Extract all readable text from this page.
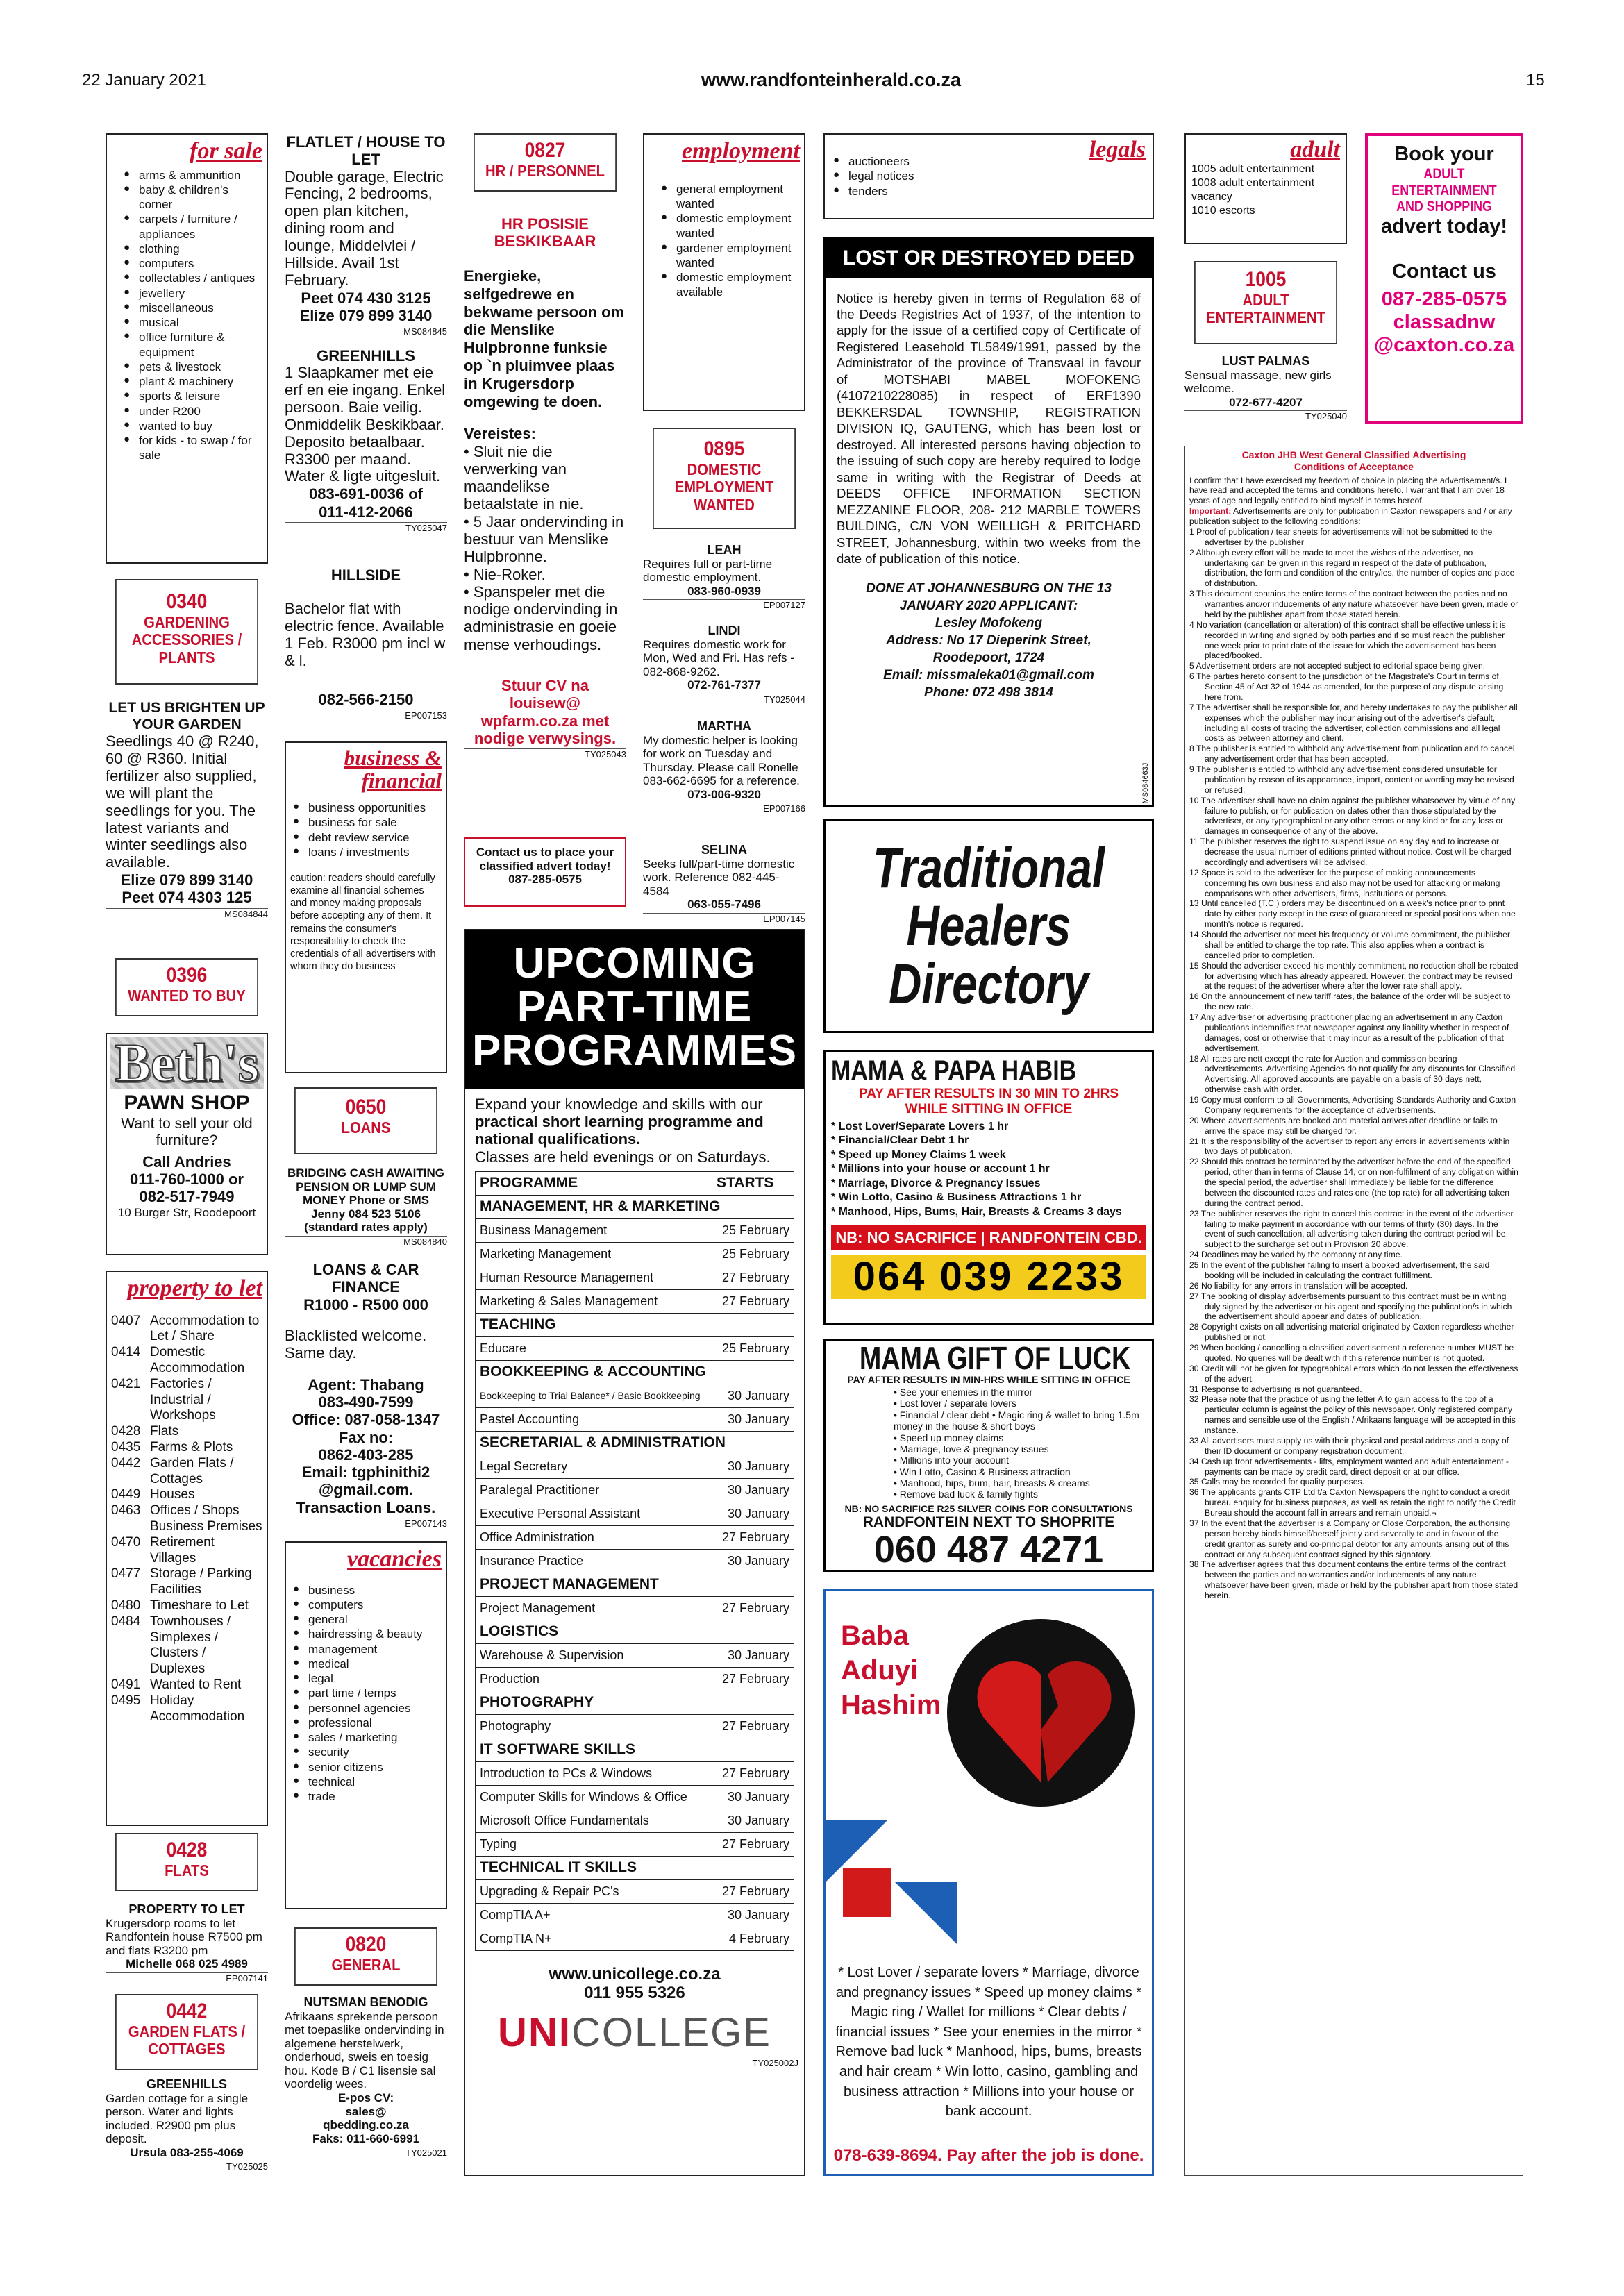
22 January 2021	www.randfonteinherald.co.za	15
for sale
● arms & ammunition
● baby & children's corner
● carpets / furniture / appliances
● clothing
● computers
● collectables / antiques
● jewellery
● miscellaneous
● musical
● office furniture & equipment
● pets & livestock
● plant & machinery
● sports & leisure
● under R200
● wanted to buy
● for kids - to swap / for sale
0340
GARDENING ACCESSORIES / PLANTS
LET US BRIGHTEN UP YOUR GARDEN
Seedlings 40 @ R240, 60 @ R360. Initial fertilizer also supplied, we will plant the seedlings for you. The latest variants and winter seedlings also available.
Elize 079 899 3140
Peet 074 4303 125
MS084844
0396
WANTED TO BUY
Beth's
PAWN SHOP
Want to sell your old furniture?
Call Andries
011-760-1000 or
082-517-7949
10 Burger Str, Roodepoort
property to let
0407 Accommodation to Let / Share
0414 Domestic Accommodation
0421 Factories / Industrial / Workshops
0428 Flats
0435 Farms & Plots
0442 Garden Flats / Cottages
0449 Houses
0463 Offices / Shops Business Premises
0470 Retirement Villages
0477 Storage / Parking Facilities
0480 Timeshare to Let
0484 Townhouses / Simplexes / Clusters / Duplexes
0491 Wanted to Rent
0495 Holiday Accommodation
0428
FLATS
PROPERTY TO LET
Krugersdorp rooms to let Randfontein house R7500 pm and flats R3200 pm
Michelle 068 025 4989
EP007141
0442
GARDEN FLATS / COTTAGES
GREENHILLS
Garden cottage for a single person. Water and lights included. R2900 pm plus deposit.
Ursula 083-255-4069
TY025025
FLATLET / HOUSE TO LET
Double garage, Electric Fencing, 2 bedrooms, open plan kitchen, dining room and lounge, Middelvlei / Hillside. Avail 1st February.
Peet 074 430 3125
Elize 079 899 3140
MS084845
GREENHILLS
1 Slaapkamer met eie erf en eie ingang. Enkel persoon. Baie veilig. Onmiddelik Beskikbaar. Deposito betaalbaar. R3300 per maand. Water & ligte uitgesluit.
083-691-0036 of
011-412-2066
TY025047
HILLSIDE
Bachelor flat with electric fence. Available 1 Feb. R3000 pm incl w & l.
082-566-2150
EP007153
business & financial
● business opportunities
● business for sale
● debt review service
● loans / investments
caution: readers should carefully examine all financial schemes and money making proposals before accepting any of them. It remains the consumer's responsibility to check the credentials of all advertisers with whom they do business
0650
LOANS
BRIDGING CASH AWAITING PENSION OR LUMP SUM MONEY Phone or SMS Jenny 084 523 5106 (standard rates apply)
MS084840
LOANS & CAR FINANCE
R1000 - R500 000
Blacklisted welcome. Same day.
Agent: Thabang
083-490-7599
Office: 087-058-1347
Fax no:
0862-403-285
Email: tgphinithi2
@gmail.com.
Transaction Loans.
EP007143
vacancies
● business
● computers
● general
● hairdressing & beauty
● management
● medical
● legal
● part time / temps
● personnel agencies
● professional
● sales / marketing
● security
● senior citizens
● technical
● trade
0820
GENERAL
NUTSMAN BENODIG
Afrikaans sprekende persoon met toepaslike ondervinding in algemene herstelwerk, onderhoud, sweis en toesig hou. Kode B / C1 lisensie sal voordelig wees.
E-pos CV:
sales@
qbedding.co.za
Faks: 011-660-6991
TY025021
0827
HR / PERSONNEL
HR POSISIE BESKIKBAAR
Energieke, selfgedrewe en bekwame persoon om die Menslike Hulpbronne funksie op `n pluimvee plaas in Krugersdorp omgewing te doen.
Vereistes:
• Sluit nie die verwerking van maandelikse betaalstate in nie.
• 5 Jaar ondervinding in bestuur van Menslike Hulpbronne.
• Nie-Roker.
• Spanspeler met die nodige ondervinding in administrasie en goeie mense verhoudings.
Stuur CV na louisew@ wpfarm.co.za met nodige verwysings.
TY025043
Contact us to place your classified advert today! 087-285-0575
UPCOMING PART-TIME PROGRAMMES
Expand your knowledge and skills with our
practical short learning programme and national qualifications.
Classes are held evenings or on Saturdays.
PROGRAMME	STARTS
MANAGEMENT, HR & MARKETING	
Business Management	25 February
Marketing Management	25 February
Human Resource Management	27 February
Marketing & Sales Management	27 February
TEACHING	
Educare	25 February
BOOKKEEPING & ACCOUNTING	
Bookkeeping to Trial Balance* / Basic Bookkeeping	30 January
Pastel Accounting	30 January
SECRETARIAL & ADMINISTRATION	
Legal Secretary	30 January
Paralegal Practitioner	30 January
Executive Personal Assistant	30 January
Office Administration	27 February
Insurance Practice	30 January
PROJECT MANAGEMENT	
Project Management	27 February
LOGISTICS	
Warehouse & Supervision	30 January
Production	27 February
PHOTOGRAPHY	
Photography	27 February
IT SOFTWARE SKILLS	
Introduction to PCs & Windows	27 February
Computer Skills for Windows & Office	30 January
Microsoft Office Fundamentals	30 January
Typing	27 February
TECHNICAL IT SKILLS	
Upgrading & Repair PC's	27 February
CompTIA A+	30 January
CompTIA N+	4 February
www.unicollege.co.za
011 955 5326
UNICOLLEGE
TY025002J
employment
● general employment wanted
● domestic employment wanted
● gardener employment wanted
● domestic employment available
0895
DOMESTIC EMPLOYMENT WANTED
LEAH
Requires full or part-time domestic employment.
083-960-0939
EP007127
LINDI
Requires domestic work for Mon, Wed and Fri. Has refs - 082-868-9262.
072-761-7377
TY025044
MARTHA
My domestic helper is looking for work on Tuesday and Thursday. Please call Ronelle 083-662-6695 for a reference.
073-006-9320
EP007166
SELINA
Seeks full/part-time domestic work. Reference 082-445- 4584
063-055-7496
EP007145
legals
● auctioneers
● legal notices
● tenders
LOST OR DESTROYED DEED
Notice is hereby given in terms of Regulation 68 of the Deeds Registries Act of 1937, of the intention to apply for the issue of a certified copy of Certificate of Registered Leasehold TL5849/1991, passed by the Administrator of the province of Transvaal in favour of MOTSHABI MABEL MOFOKENG (4107210228085) in respect of ERF1390 BEKKERSDAL TOWNSHIP, REGISTRATION DIVISION IQ, GAUTENG, which has been lost or destroyed. All interested persons having objection to the issuing of such copy are hereby required to lodge same in writing with the Registrar of Deeds at DEEDS OFFICE INFORMATION SECTION MEZZANINE FLOOR, 208- 212 MARBLE TOWERS BUILDING, C/N VON WEILLIGH & PRITCHARD STREET, Johannesburg, within two weeks from the date of publication of this notice.
DONE AT JOHANNESBURG ON THE 13 JANUARY 2020 APPLICANT:
Lesley Mofokeng
Address: No 17 Dieperink Street,
Roodepoort, 1724
Email: missmaleka01@gmail.com
Phone: 072 498 3814
MS084663J
Traditional Healers Directory
MAMA & PAPA HABIB
PAY AFTER RESULTS IN 30 MIN TO 2HRS
WHILE SITTING IN OFFICE
* Lost Lover/Separate Lovers 1 hr
* Financial/Clear Debt 1 hr
* Speed up Money Claims 1 week
* Millions into your house or account 1 hr
* Marriage, Divorce & Pregnancy Issues
* Win Lotto, Casino & Business Attractions 1 hr
* Manhood, Hips, Bums, Hair, Breasts & Creams 3 days
NB: NO SACRIFICE | RANDFONTEIN CBD.
064 039 2233
MAMA GIFT OF LUCK
PAY AFTER RESULTS IN MIN-HRS WHILE SITTING IN OFFICE
• See your enemies in the mirror
• Lost lover / separate lovers
• Financial / clear debt • Magic ring & wallet to bring 1.5m money in the house & short boys
• Speed up money claims
• Marriage, love & pregnancy issues
• Millions into your account
• Win Lotto, Casino & Business attraction
• Manhood, hips, bum, hair, breasts & creams
• Remove bad luck & family fights
NB: NO SACRIFICE R25 SILVER COINS FOR CONSULTATIONS
RANDFONTEIN NEXT TO SHOPRITE
060 487 4271
Baba
Aduyi
Hashim
* Lost Lover / separate lovers * Marriage, divorce and pregnancy issues * Speed up money claims * Magic ring / Wallet for millions * Clear debts / financial issues * See your enemies in the mirror * Remove bad luck * Manhood, hips, bums, breasts and hair cream * Win lotto, casino, gambling and business attraction * Millions into your house or bank account.
078-639-8694. Pay after the job is done.
adult
1005 adult entertainment
1008 adult entertainment vacancy
1010 escorts
1005
ADULT ENTERTAINMENT
LUST PALMAS
Sensual massage, new girls welcome.
072-677-4207
TY025040
Book your
ADULT ENTERTAINMENT AND SHOPPING
advert today!
Contact us
087-285-0575
classadnw
@caxton.co.za
Caxton JHB West General Classified Advertising Conditions of Acceptance

I confirm that I have exercised my freedom of choice in placing the advertisement/s. I have read and accepted the terms and conditions hereto. I warrant that I am over 18 years of age and legally entitled to bind myself in terms hereof.

Important: Advertisements are only for publication in Caxton newspapers and / or any publication subject to the following conditions:

1 Proof of publication / tear sheets for advertisements will not be submitted to the advertiser by the publisher

2 Although every effort will be made to meet the wishes of the advertiser, no undertaking can be given in this regard in respect of the date of publication, distribution, the form and condition of the entry/ies, the number of copies and place of distribution.

3 This document contains the entire terms of the contract between the parties and no warranties and/or inducements of any nature whatsoever have been given, made or held by the publisher apart from those stated herein.

4 No variation (cancellation or alteration) of this contract shall be effective unless it is recorded in writing and signed by both parties and if so must reach the publisher one week prior to print date of the issue for which the advertisement has been placed/booked.

5 Advertisement orders are not accepted subject to editorial space being given.

6 The parties hereto consent to the jurisdiction of the Magistrate's Court in terms of Section 45 of Act 32 of 1944 as amended, for the purpose of any dispute arising here from.

7 The advertiser shall be responsible for, and hereby undertakes to pay the publisher all expenses which the publisher may incur arising out of the advertiser's default, including all costs of tracing the advertiser, collection commissions and all legal costs as between attorney and client.

8 The publisher is entitled to withhold any advertisement from publication and to cancel any advertisement order that has been accepted.

9 The publisher is entitled to withhold any advertisement considered unsuitable for publication by reason of its appearance, import, content or wording may be revised or refused.

10 The advertiser shall have no claim against the publisher whatsoever by virtue of any failure to publish, or for publication on dates other than those stipulated by the advertiser, or any typographical or any other errors or any kind or for any loss or damages in consequence of any of the above.

11 The publisher reserves the right to suspend issue on any day and to increase or decrease the usual number of editions printed without notice. Cost will be charged accordingly and advertisers will be advised.

12 Space is sold to the advertiser for the purpose of making announcements concerning his own business and also may not be used for attacking or making comparisons with other advertisers, firms, institutions or persons.

13 Until cancelled (T.C.) orders may be discontinued on a week's notice prior to print date by either party except in the case of guaranteed or special positions when one month's notice is required.

14 Should the advertiser not meet his frequency or volume commitment, the publisher shall be entitled to charge the top rate. This also applies when a contract is cancelled prior to completion.

15 Should the advertiser exceed his monthly commitment, no reduction shall be rebated for advertising which has already appeared. However, the contract may be revised at the request of the advertiser where after the lower rate shall apply.

16 On the announcement of new tariff rates, the balance of the order will be subject to the new rate.

17 Any advertiser or advertising practitioner placing an advertisement in any Caxton publications indemnifies that newspaper against any liability whether in respect of damages, cost or otherwise that it may incur as a result of the publication of that advertisement.

18 All rates are nett except the rate for Auction and commission bearing advertisements. Advertising Agencies do not qualify for any discounts for Classified Advertising. All approved accounts are payable on a basis of 30 days nett, otherwise cash with order.

19 Copy must conform to all Governments, Advertising Standards Authority and Caxton Company requirements for the acceptance of advertisements.

20 Where advertisements are booked and material arrives after deadline or fails to arrive the space may still be charged for.

21 It is the responsibility of the advertiser to report any errors in advertisements within two days of publication.

22 Should this contract be terminated by the advertiser before the end of the specified period, other than in terms of Clause 14, or on non-fulfilment of any obligation within the special period, the advertiser shall immediately be liable for the difference between the discounted rates and rates one (the top rate) for all advertising taken during the contract period.

23 The publisher reserves the right to cancel this contract in the event of the advertiser failing to make payment in accordance with our terms of thirty (30) days. In the event of such cancellation, all advertising taken during the contract period will be subject to the surcharge set out in Provision 20 above.

24 Deadlines may be varied by the company at any time.

25 In the event of the publisher failing to insert a booked advertisement, the said booking will be included in calculating the contract fulfillment.

26 No liability for any errors in translation will be accepted.

27 The booking of display advertisements pursuant to this contract must be in writing duly signed by the advertiser or his agent and specifying the publication/s in which the advertisement should appear and dates of publication.

28 Copyright exists on all advertising material originated by Caxton regardless whether published or not.

29 When booking / cancelling a classified advertisement a reference number MUST be quoted. No queries will be dealt with if this reference number is not quoted.

30 Credit will not be given for typographical errors which do not lessen the effectiveness of the advert.

31 Response to advertising is not guaranteed.

32 Please note that the practice of using the letter A to gain access to the top of a particular column is against the policy of this newspaper. Only registered company names and sensible use of the English / Afrikaans language will be accepted in this instance.

33 All advertisers must supply us with their physical and postal address and a copy of their ID document or company registration document.

34 Cash up front advertisements - lifts, employment wanted and adult entertainment - payments can be made by credit card, direct deposit or at our office.

35 Calls may be recorded for quality purposes.

36 The applicants grants CTP Ltd t/a Caxton Newspapers the right to conduct a credit bureau enquiry for business purposes, as well as retain the right to notify the Credit Bureau should the account fall in arrears and remain unpaid.¬

37 In the event that the advertiser is a Company or Close Corporation, the authorising person hereby binds himself/herself jointly and severally to and in favour of the credit grantor as surety and co-principal debtor for any amounts arising out of this contract or any subsequent contract signed by this signatory.

38 The advertiser agrees that this document contains the entire terms of the contract between the parties and no warranties and/or inducements of any nature whatsoever have been given, made or held by the publisher apart from those stated herein.
